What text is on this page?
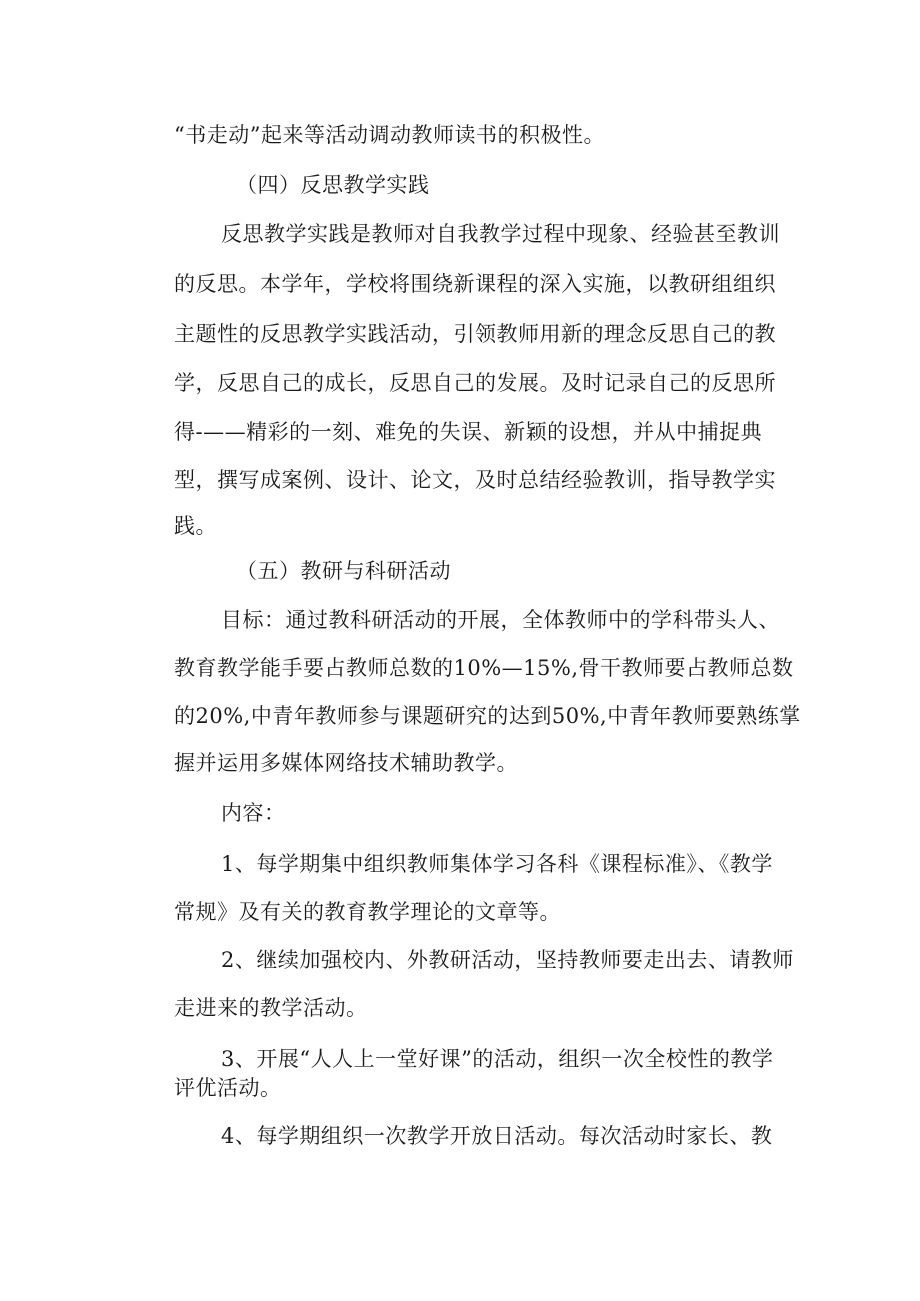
“书走动”起来等活动调动教师读书的积极性。
（四）反思教学实践
反思教学实践是教师对自我教学过程中现象、经验甚至教训
的反思。本学年，学校将围绕新课程的深入实施，以教研组组织
主题性的反思教学实践活动，引领教师用新的理念反思自己的教
学，反思自己的成长，反思自己的发展。及时记录自己的反思所
得-——精彩的一刻、难免的失误、新颖的设想，并从中捕捉典
型，撰写成案例、设计、论文，及时总结经验教训，指导教学实
践。
（五）教研与科研活动
目标：通过教科研活动的开展，全体教师中的学科带头人、
教育教学能手要占教师总数的10%—15%,骨干教师要占教师总数
的20%,中青年教师参与课题研究的达到50%,中青年教师要熟练掌
握并运用多媒体网络技术辅助教学。
内容：
1、每学期集中组织教师集体学习各科《课程标准》、《教学
常规》及有关的教育教学理论的文章等。
2、继续加强校内、外教研活动，坚持教师要走出去、请教师
走进来的教学活动。
3、开展“人人上一堂好课”的活动，组织一次全校性的教学
评优活动。
4、每学期组织一次教学开放日活动。每次活动时家长、教
